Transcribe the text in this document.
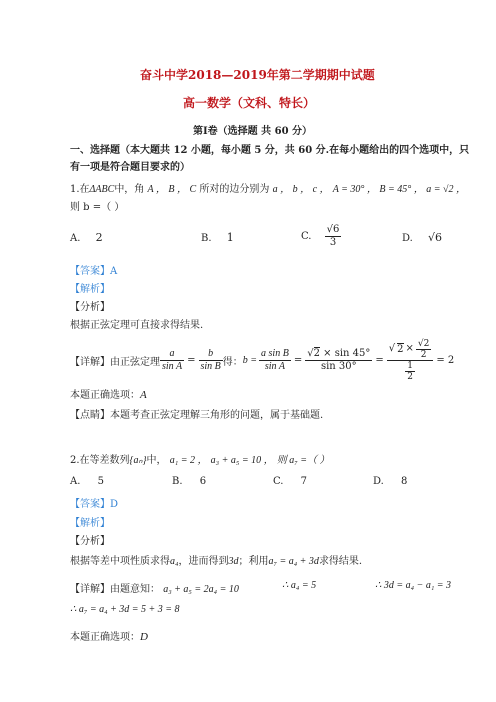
奋斗中学2018—2019年第二学期期中试题
高一数学（文科、特长）
第Ⅰ卷（选择题 共 60 分）
一、选择题（本大题共 12 小题，每小题 5 分，共 60 分.在每小题给出的四个选项中，只
有一项是符合题目要求的）
1.在ΔABC中，角 A ， B ， C 所对的边分别为 a ， b ， c ， A = 30° ， B = 45° ， a = √2 ，
则 b =（ ）
A. 2	B. 1	C. $\frac{√6}{3}$	D. √6
【答案】A
【解析】
【分析】
根据正弦定理可直接求得结果.
【详解】由正弦定理 $\frac{a}{\text{sin A}} = \frac{b}{\text{sin B}}$ 得： $b = \frac{\text{a sin B}}{\text{sin A}} = \frac{√2 \times \sin 45^\circ}{\sin 30^\circ} = \frac{√ 2 \times \frac{√2}{2}}{\frac{1}{2}} = 2$
本题正确选项：A
【点睛】本题考查正弦定理解三角形的问题，属于基础题.
2.在等差数列{aₙ}中， a₁ = 2 ， a₃ + a₅ = 10 ， 则 a₇ =（ ）
A. 5	B. 6	C. 7	D. 8
【答案】D
【解析】
【分析】
根据等差中项性质求得a₄，进而得到3d；利用a₇ = a₄ + 3d求得结果.
【详解】由题意知： a₃ + a₅ = 2a₄ = 10	∴ a₄ = 5	∴ 3d = a₄ − a₁ = 3
∴ a₇ = a₄ + 3d = 5 + 3 = 8
本题正确选项：D
